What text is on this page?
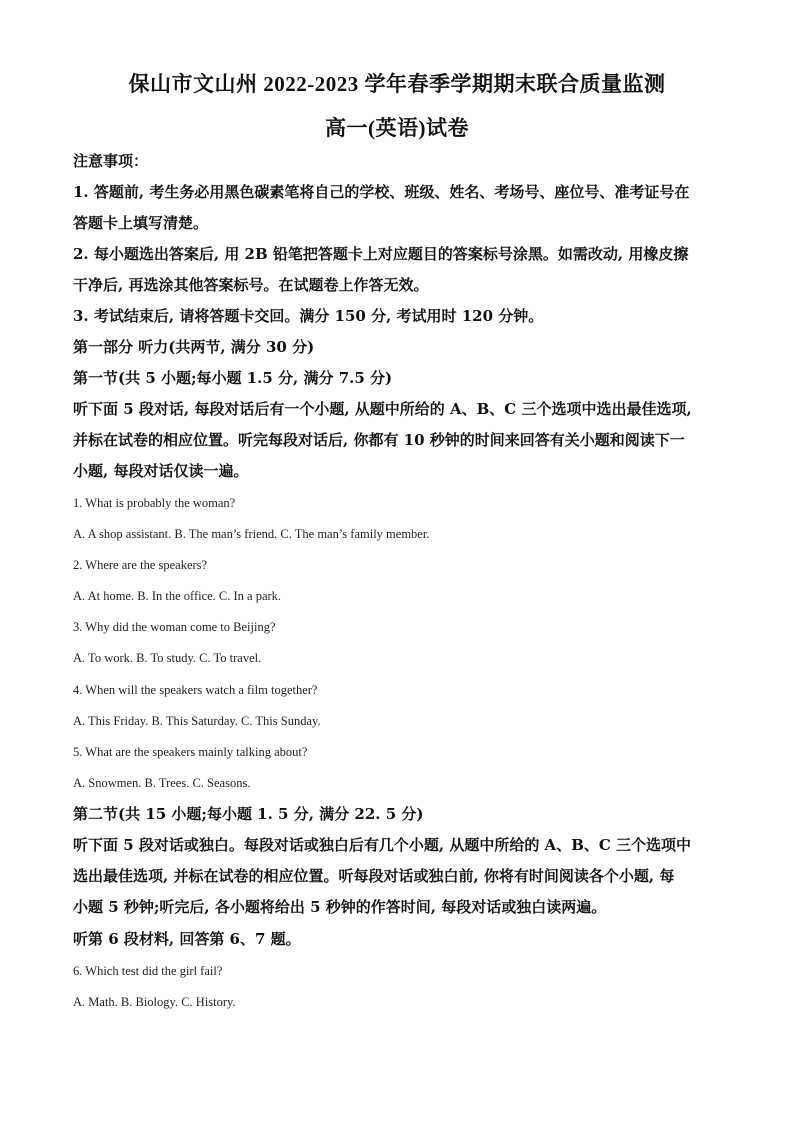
保山市文山州 2022-2023 学年春季学期期末联合质量监测
高一(英语)试卷
注意事项：
1. 答题前, 考生务必用黑色碳素笔将自己的学校、班级、姓名、考场号、座位号、准考证号在
答题卡上填写清楚。
2. 每小题选出答案后, 用 2B 铅笔把答题卡上对应题目的答案标号涂黑。如需改动, 用橡皮擦
干净后, 再选涂其他答案标号。在试题卷上作答无效。
3. 考试结束后, 请将答题卡交回。满分 150 分, 考试用时 120 分钟。
第一部分 听力(共两节, 满分 30 分)
第一节(共 5 小题;每小题 1.5 分, 满分 7.5 分)
听下面 5 段对话, 每段对话后有一个小题, 从题中所给的 A、B、C 三个选项中选出最佳选项,
并标在试卷的相应位置。听完每段对话后, 你都有 10 秒钟的时间来回答有关小题和阅读下一
小题, 每段对话仅读一遍。
1. What is probably the woman?
A. A shop assistant. B. The man’s friend. C. The man’s family member.
2. Where are the speakers?
A. At home. B. In the office. C. In a park.
3. Why did the woman come to Beijing?
A. To work. B. To study. C. To travel.
4. When will the speakers watch a film together?
A. This Friday. B. This Saturday. C. This Sunday.
5. What are the speakers mainly talking about?
A. Snowmen. B. Trees. C. Seasons.
第二节(共 15 小题;每小题 1. 5 分, 满分 22. 5 分)
听下面 5 段对话或独白。每段对话或独白后有几个小题, 从题中所给的 A、B、C 三个选项中
选出最佳选项, 并标在试卷的相应位置。听每段对话或独白前, 你将有时间阅读各个小题, 每
小题 5 秒钟;听完后, 各小题将给出 5 秒钟的作答时间, 每段对话或独白读两遍。
听第 6 段材料, 回答第 6、7 题。
6. Which test did the girl fail?
A. Math. B. Biology. C. History.
